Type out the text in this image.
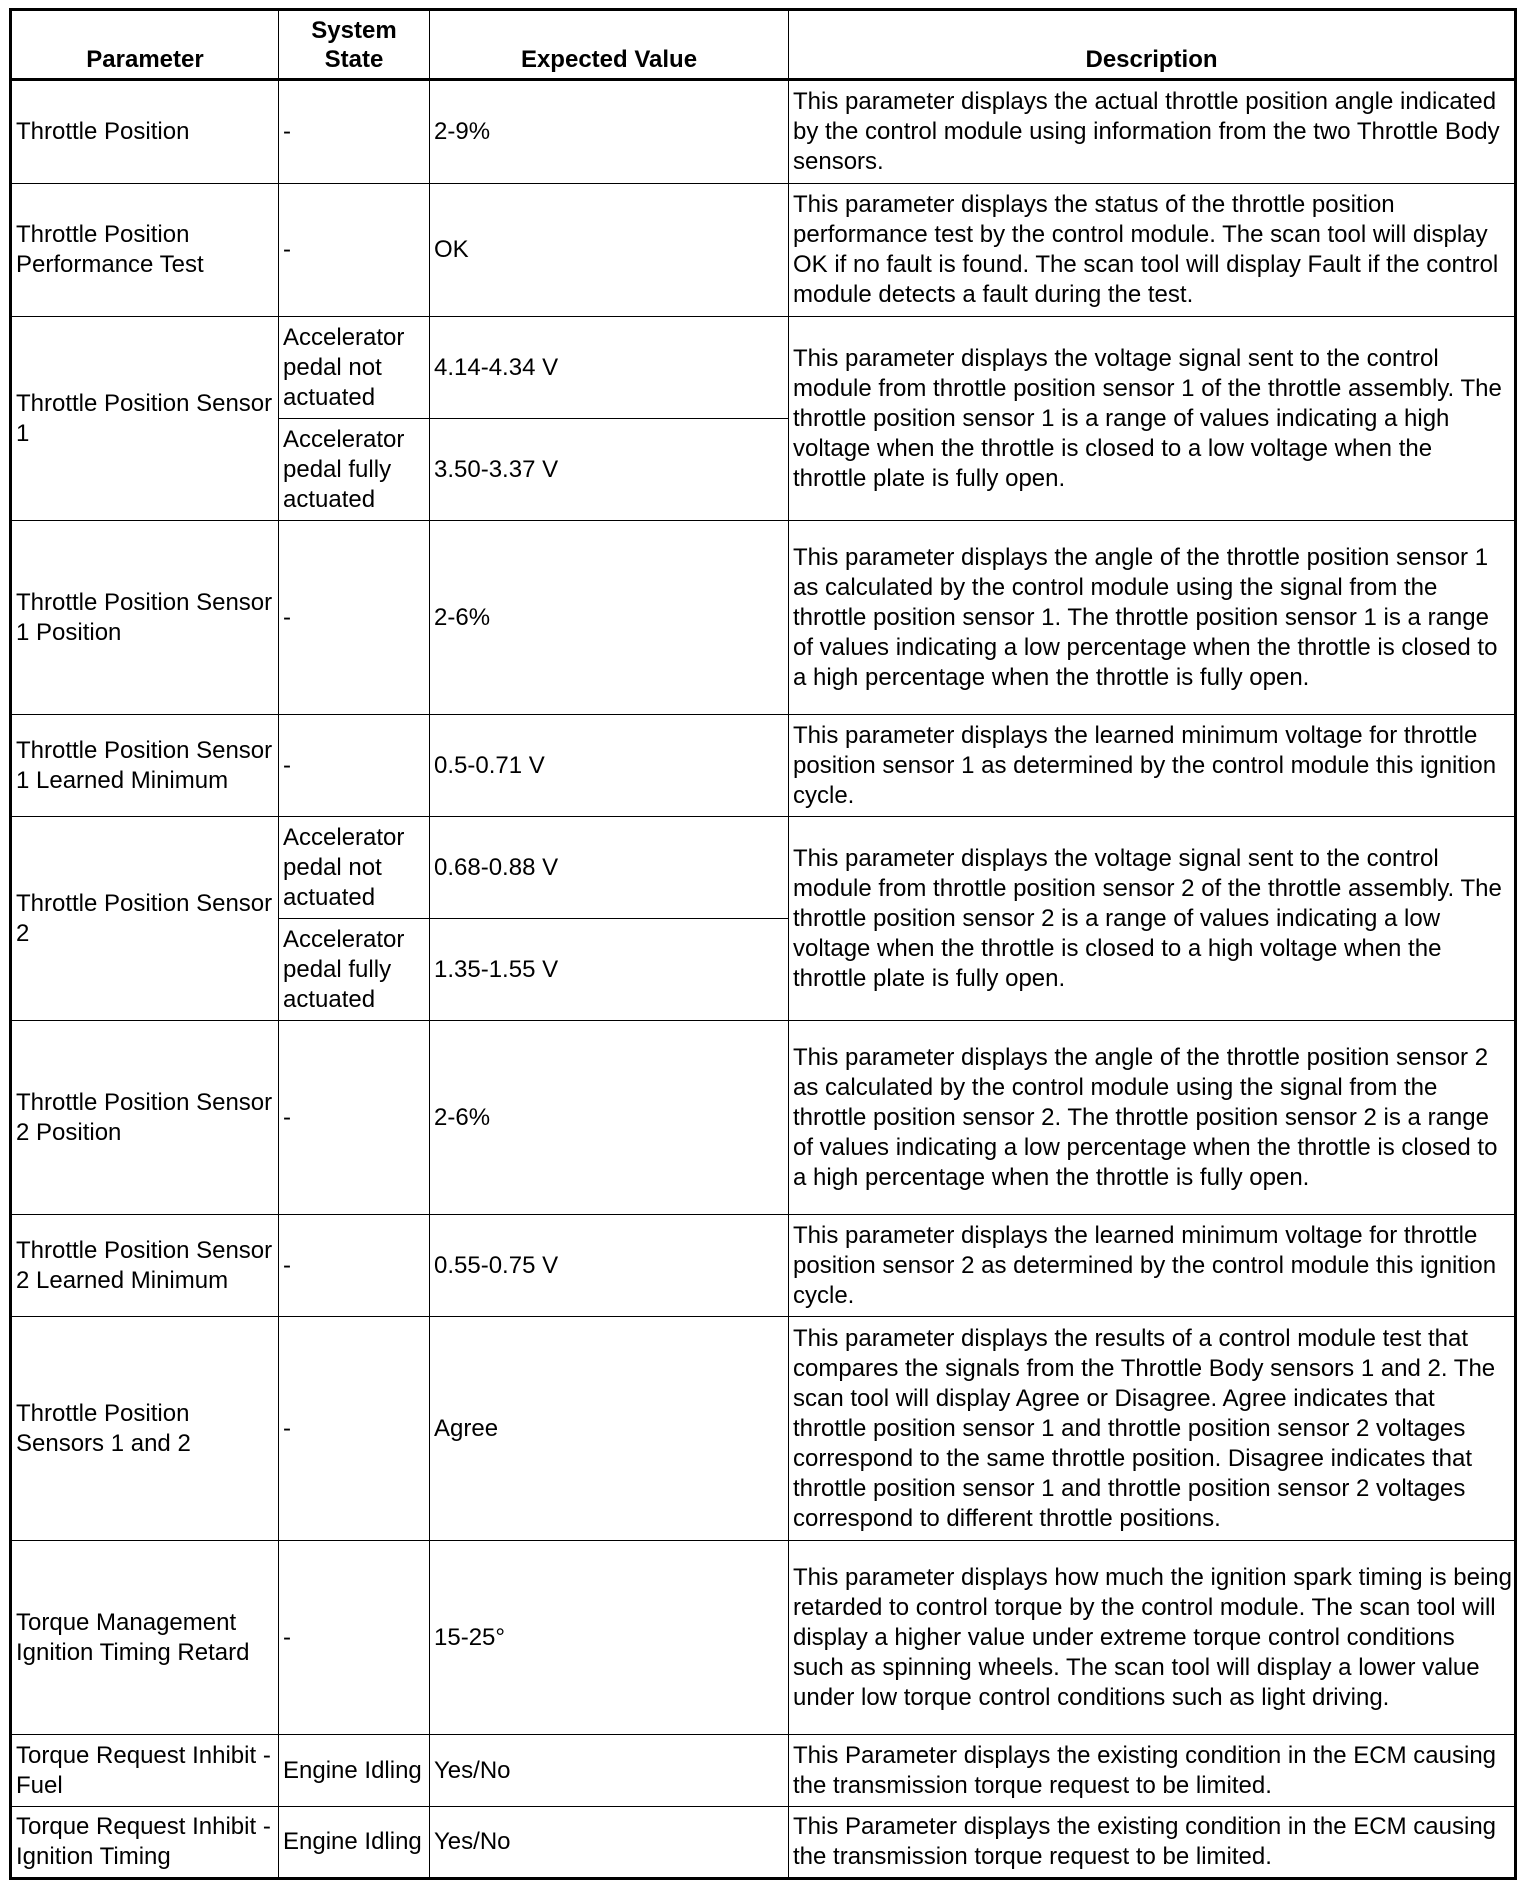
Parameter	System State	Expected Value	Description
Throttle Position	-	2-9%	This parameter displays the actual throttle position angle indicated by the control module using information from the two Throttle Body sensors.
Throttle Position Performance Test	-	OK	This parameter displays the status of the throttle position performance test by the control module. The scan tool will display OK if no fault is found. The scan tool will display Fault if the control module detects a fault during the test.
Throttle Position Sensor 1	Accelerator pedal not actuated	4.14-4.34 V	This parameter displays the voltage signal sent to the control module from throttle position sensor 1 of the throttle assembly. The throttle position sensor 1 is a range of values indicating a high voltage when the throttle is closed to a low voltage when the throttle plate is fully open.
	Accelerator pedal fully actuated	3.50-3.37 V	
Throttle Position Sensor 1 Position	-	2-6%	This parameter displays the angle of the throttle position sensor 1 as calculated by the control module using the signal from the throttle position sensor 1. The throttle position sensor 1 is a range of values indicating a low percentage when the throttle is closed to a high percentage when the throttle is fully open.
Throttle Position Sensor 1 Learned Minimum	-	0.5-0.71 V	This parameter displays the learned minimum voltage for throttle position sensor 1 as determined by the control module this ignition cycle.
Throttle Position Sensor 2	Accelerator pedal not actuated	0.68-0.88 V	This parameter displays the voltage signal sent to the control module from throttle position sensor 2 of the throttle assembly. The throttle position sensor 2 is a range of values indicating a low voltage when the throttle is closed to a high voltage when the throttle plate is fully open.
	Accelerator pedal fully actuated	1.35-1.55 V	
Throttle Position Sensor 2 Position	-	2-6%	This parameter displays the angle of the throttle position sensor 2 as calculated by the control module using the signal from the throttle position sensor 2. The throttle position sensor 2 is a range of values indicating a low percentage when the throttle is closed to a high percentage when the throttle is fully open.
Throttle Position Sensor 2 Learned Minimum	-	0.55-0.75 V	This parameter displays the learned minimum voltage for throttle position sensor 2 as determined by the control module this ignition cycle.
Throttle Position Sensors 1 and 2	-	Agree	This parameter displays the results of a control module test that compares the signals from the Throttle Body sensors 1 and 2. The scan tool will display Agree or Disagree. Agree indicates that throttle position sensor 1 and throttle position sensor 2 voltages correspond to the same throttle position. Disagree indicates that throttle position sensor 1 and throttle position sensor 2 voltages correspond to different throttle positions.
Torque Management Ignition Timing Retard	-	15-25°	This parameter displays how much the ignition spark timing is being retarded to control torque by the control module. The scan tool will display a higher value under extreme torque control conditions such as spinning wheels. The scan tool will display a lower value under low torque control conditions such as light driving.
Torque Request Inhibit - Fuel	Engine Idling	Yes/No	This Parameter displays the existing condition in the ECM causing the transmission torque request to be limited.
Torque Request Inhibit - Ignition Timing	Engine Idling	Yes/No	This Parameter displays the existing condition in the ECM causing the transmission torque request to be limited.
